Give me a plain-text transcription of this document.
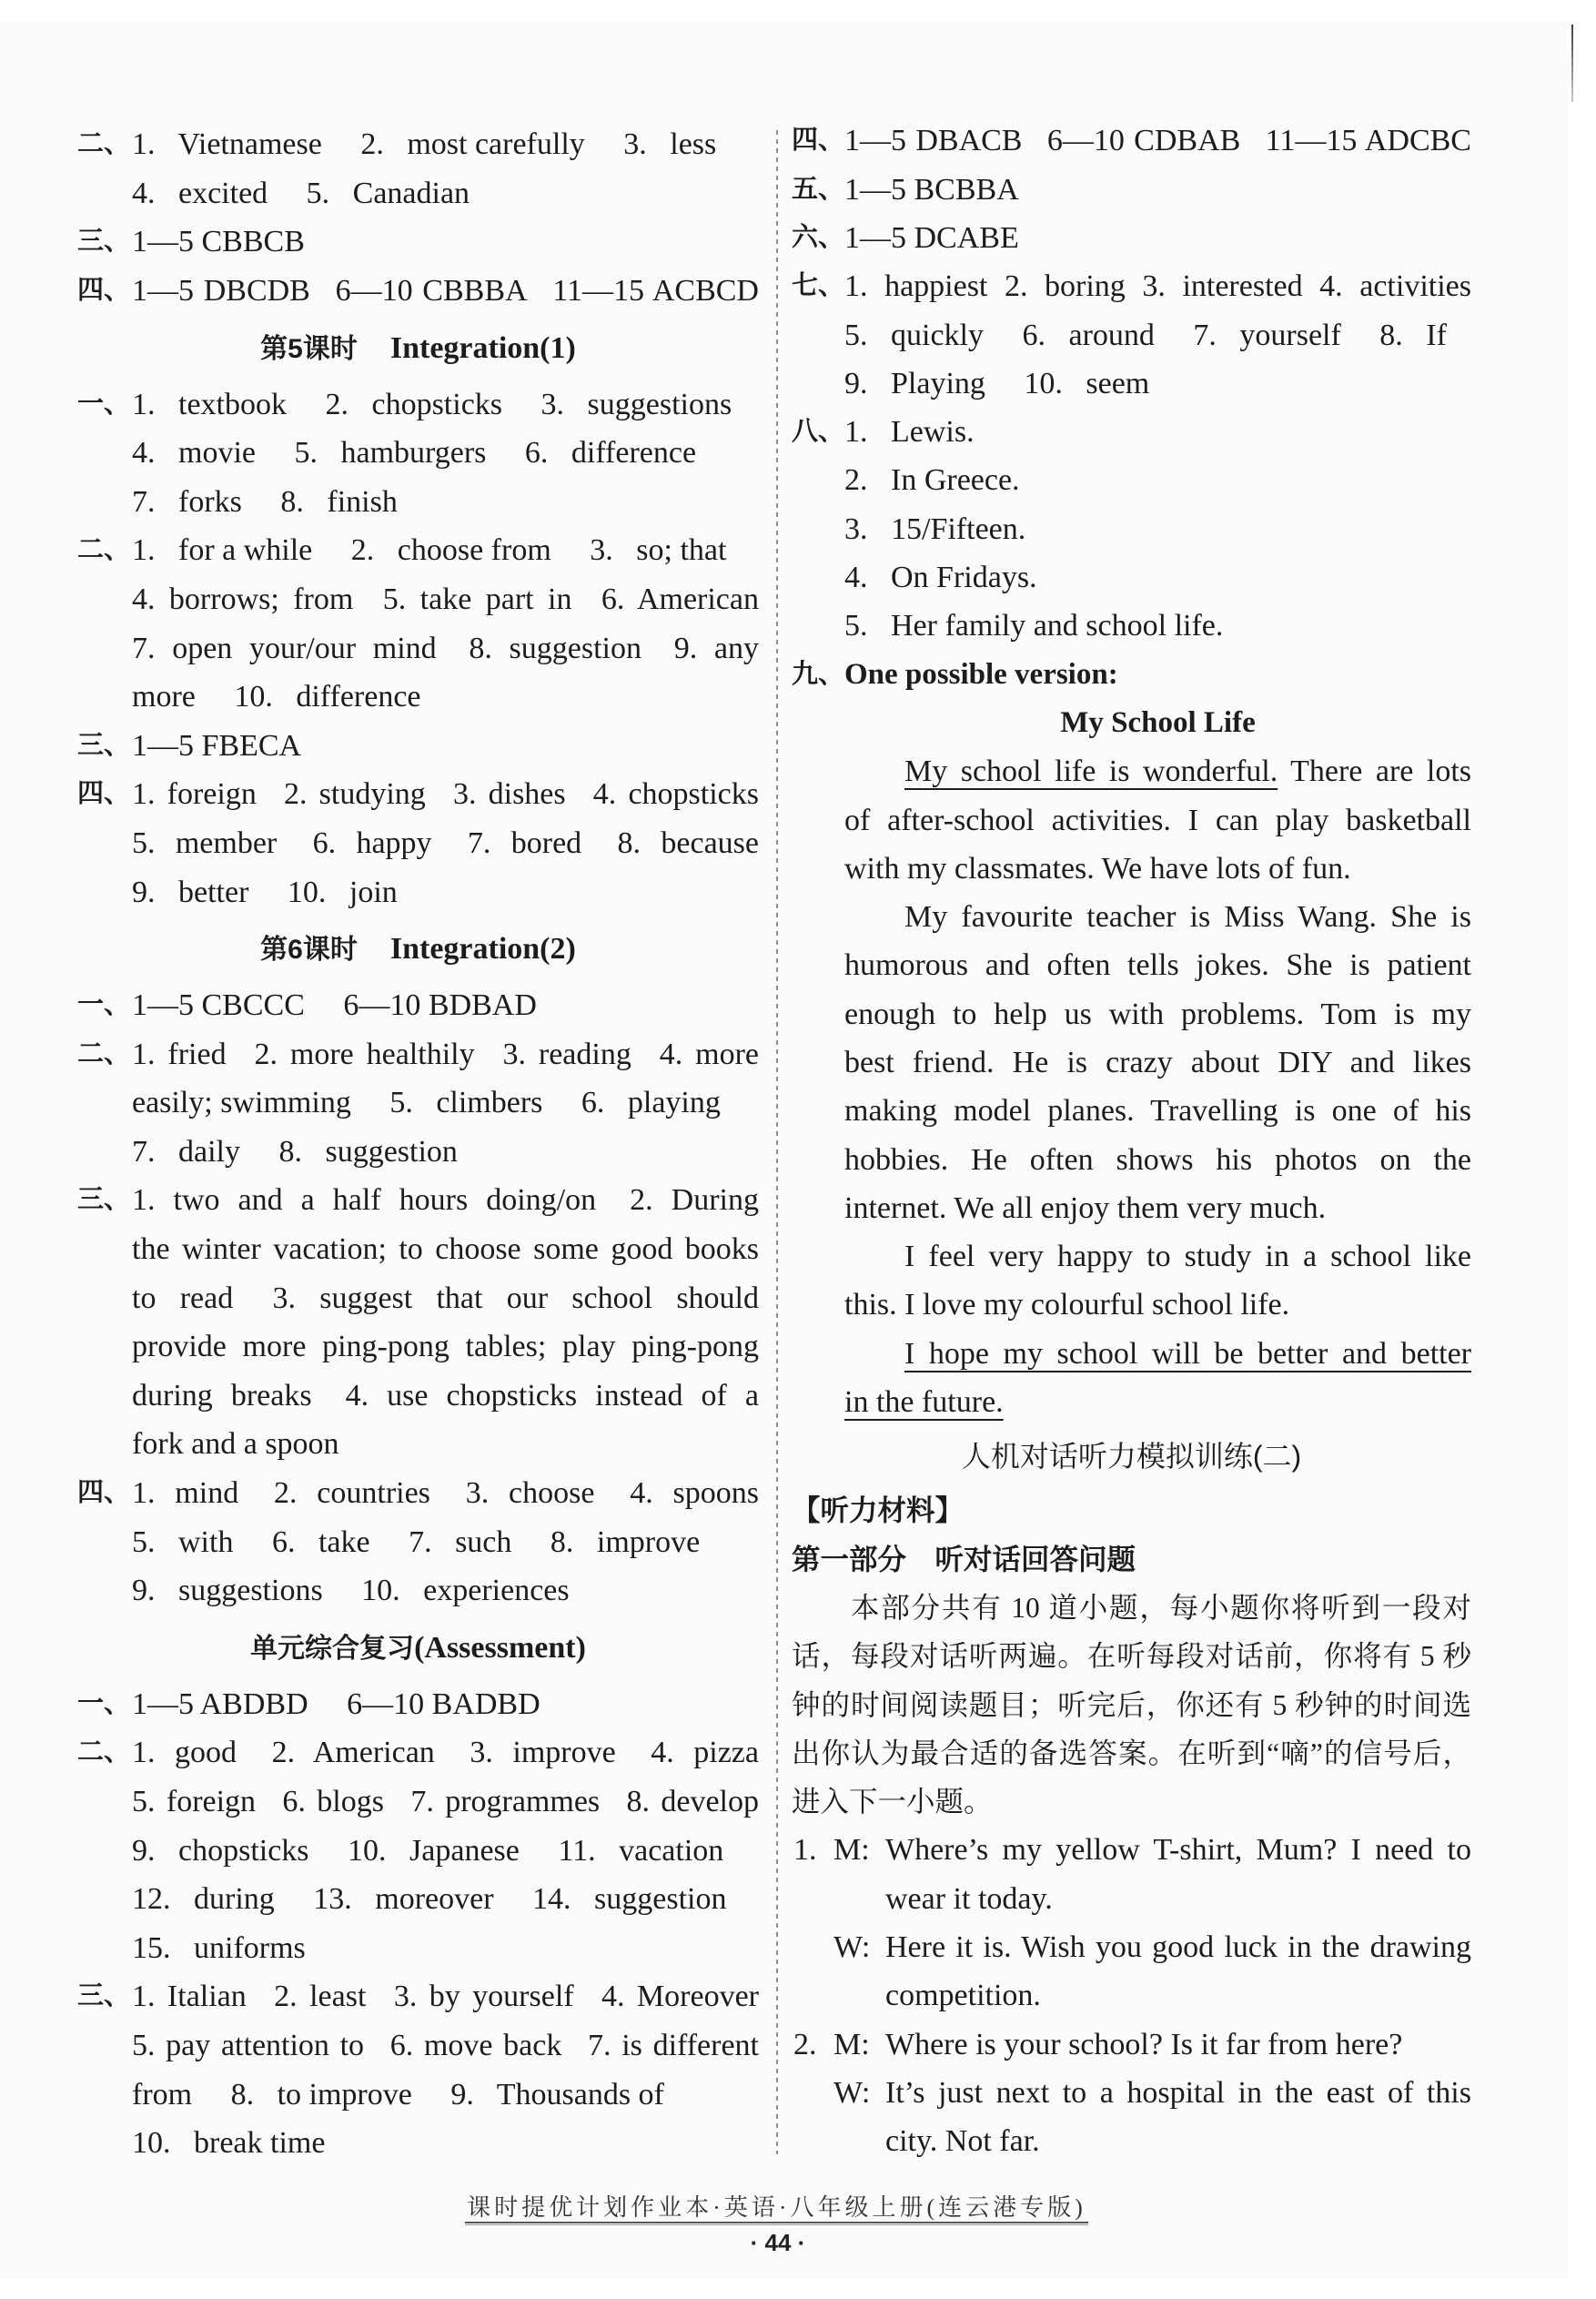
二、 1.  Vietnamese  2.  most carefully  3.  less
4.  excited  5.  Canadian
三、 1—5 CBBCB
四、 1—5 DBCDB  6—10 CBBBA  11—15 ACBCD
第5课时 Integration(1)
一、 1.  textbook  2.  chopsticks  3.  suggestions
4.  movie  5.  hamburgers  6.  difference
7.  forks  8.  finish
二、 1.  for a while  2.  choose from  3.  so; that
4. borrows; from  5. take part in  6. American
7. open your/our mind  8. suggestion  9. any
more  10.  difference
三、 1—5 FBECA
四、 1. foreign  2. studying  3. dishes  4. chopsticks
5. member  6. happy  7. bored  8. because
9.  better  10.  join
第6课时 Integration(2)
一、 1—5 CBCCC  6—10 BDBAD
二、 1. fried  2. more healthily  3. reading  4. more
easily; swimming  5.  climbers  6.  playing
7.  daily  8.  suggestion
三、 1. two and a half hours doing/on  2. During
the winter vacation; to choose some good books
to read  3. suggest that our school should
provide more ping-pong tables; play ping-pong
during breaks  4. use chopsticks instead of a
fork and a spoon
四、 1. mind  2. countries  3. choose  4. spoons
5.  with  6.  take  7.  such  8.  improve
9.  suggestions  10.  experiences
单元综合复习(Assessment)
一、 1—5 ABDBD  6—10 BADBD
二、 1. good  2. American  3. improve  4. pizza
5. foreign  6. blogs  7. programmes  8. develop
9.  chopsticks  10.  Japanese  11.  vacation
12.  during  13.  moreover  14.  suggestion
15.  uniforms
三、 1. Italian  2. least  3. by yourself  4. Moreover
5. pay attention to  6. move back  7. is different
from  8.  to improve  9.  Thousands of
10.  break time
四、 1—5 DBACB  6—10 CDBAB  11—15 ADCBC
五、 1—5 BCBBA
六、 1—5 DCABE
七、 1. happiest 2. boring 3. interested 4. activities
5.  quickly  6.  around  7.  yourself  8.  If
9.  Playing  10.  seem
八、 1.  Lewis.
2.  In Greece.
3.  15/Fifteen.
4.  On Fridays.
5.  Her family and school life.
九、 One possible version:
My School Life
My school life is wonderful. There are lots
of after-school activities. I can play basketball
with my classmates. We have lots of fun.
My favourite teacher is Miss Wang. She is
humorous and often tells jokes. She is patient
enough to help us with problems. Tom is my
best friend. He is crazy about DIY and likes
making model planes. Travelling is one of his
hobbies. He often shows his photos on the
internet. We all enjoy them very much.
I feel very happy to study in a school like
this. I love my colourful school life.
I hope my school will be better and better
in the future.
人机对话听力模拟训练(二)
【听力材料】
第一部分　听对话回答问题
本部分共有 10 道小题，每小题你将听到一段对
话，每段对话听两遍。在听每段对话前，你将有 5 秒
钟的时间阅读题目；听完后，你还有 5 秒钟的时间选
出你认为最合适的备选答案。在听到“嘀”的信号后，
进入下一小题。
1. M: Where’s my yellow T-shirt, Mum? I need to
wear it today.
W: Here it is. Wish you good luck in the drawing
competition.
2. M: Where is your school? Is it far from here?
W: It’s just next to a hospital in the east of this
city. Not far.
课时提优计划作业本·英语·八年级上册(连云港专版)
· 44 ·
